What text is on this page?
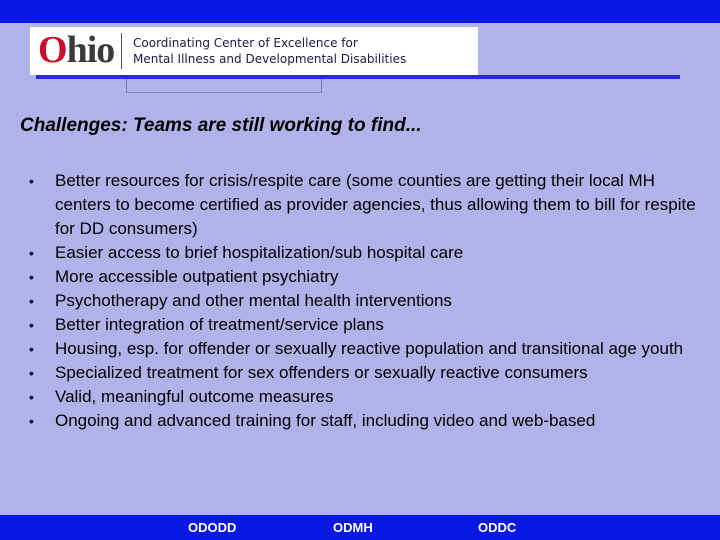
O hio Coordinating Center of Excellence for
Mental Illness and Developmental Disabilities
Challenges: Teams are still working to find...
• Better resources for crisis/respite care (some counties are getting their local MH centers to become certified as provider agencies, thus allowing them to bill for respite for DD consumers)
• Easier access to brief hospitalization/sub hospital care
• More accessible outpatient psychiatry
• Psychotherapy and other mental health interventions
• Better integration of treatment/service plans
• Housing, esp. for offender or sexually reactive population and transitional age youth
• Specialized treatment for sex offenders or sexually reactive consumers
• Valid, meaningful outcome measures
• Ongoing and advanced training for staff, including video and web-based
ODODD	ODMH	ODDC
